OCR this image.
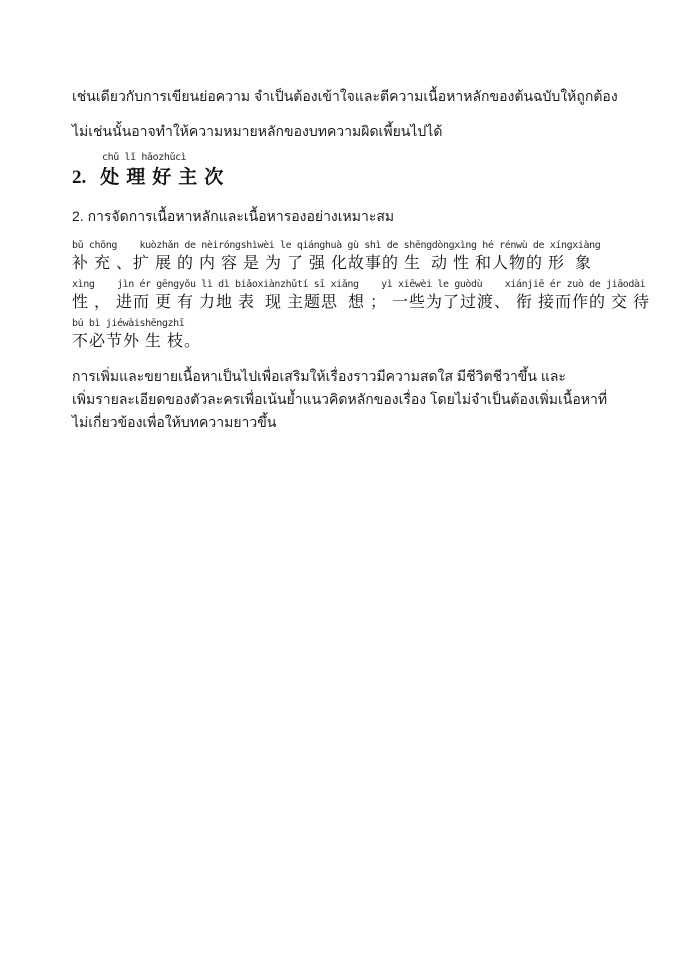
เช่นเดียวกับการเขียนย่อความ จำเป็นต้องเข้าใจและตีความเนื้อหาหลักของต้นฉบับให้ถูกต้อง

ไม่เช่นนั้นอาจทำให้ความหมายหลักของบทความผิดเพี้ยนไปได้

chǔ lǐ hǎozhǔcì
2. 处理好主次

2. การจัดการเนื้อหาหลักและเนื้อหารองอย่างเหมาะสม

bǔ chōng    kuòzhǎn de nèiróngshìwèi le qiánghuà gù shì de shēngdòngxìng hé rénwù de xíngxiàng
补 充 、扩 展 的 内 容 是 为 了 强 化故事的 生  动 性 和人物的 形  象
xìng    jìn ér gēngyǒu lì dì biǎoxiànzhǔtí sī xiǎng    yì xiēwèi le guòdù    xiánjiē ér zuò de jiāodài
性 ， 进而 更 有 力地 表  现 主题思  想 ； 一些为了过渡、 衔 接而作的 交 待
bú bì jiéwàishēngzhī
不必节外 生 枝。

การเพิ่มและขยายเนื้อหาเป็นไปเพื่อเสริมให้เรื่องราวมีความสดใส มีชีวิตชีวาขึ้น และ

เพิ่มรายละเอียดของตัวละครเพื่อเน้นย้ำแนวคิดหลักของเรื่อง โดยไม่จำเป็นต้องเพิ่มเนื้อหาที่

ไม่เกี่ยวข้องเพื่อให้บทความยาวขึ้น
